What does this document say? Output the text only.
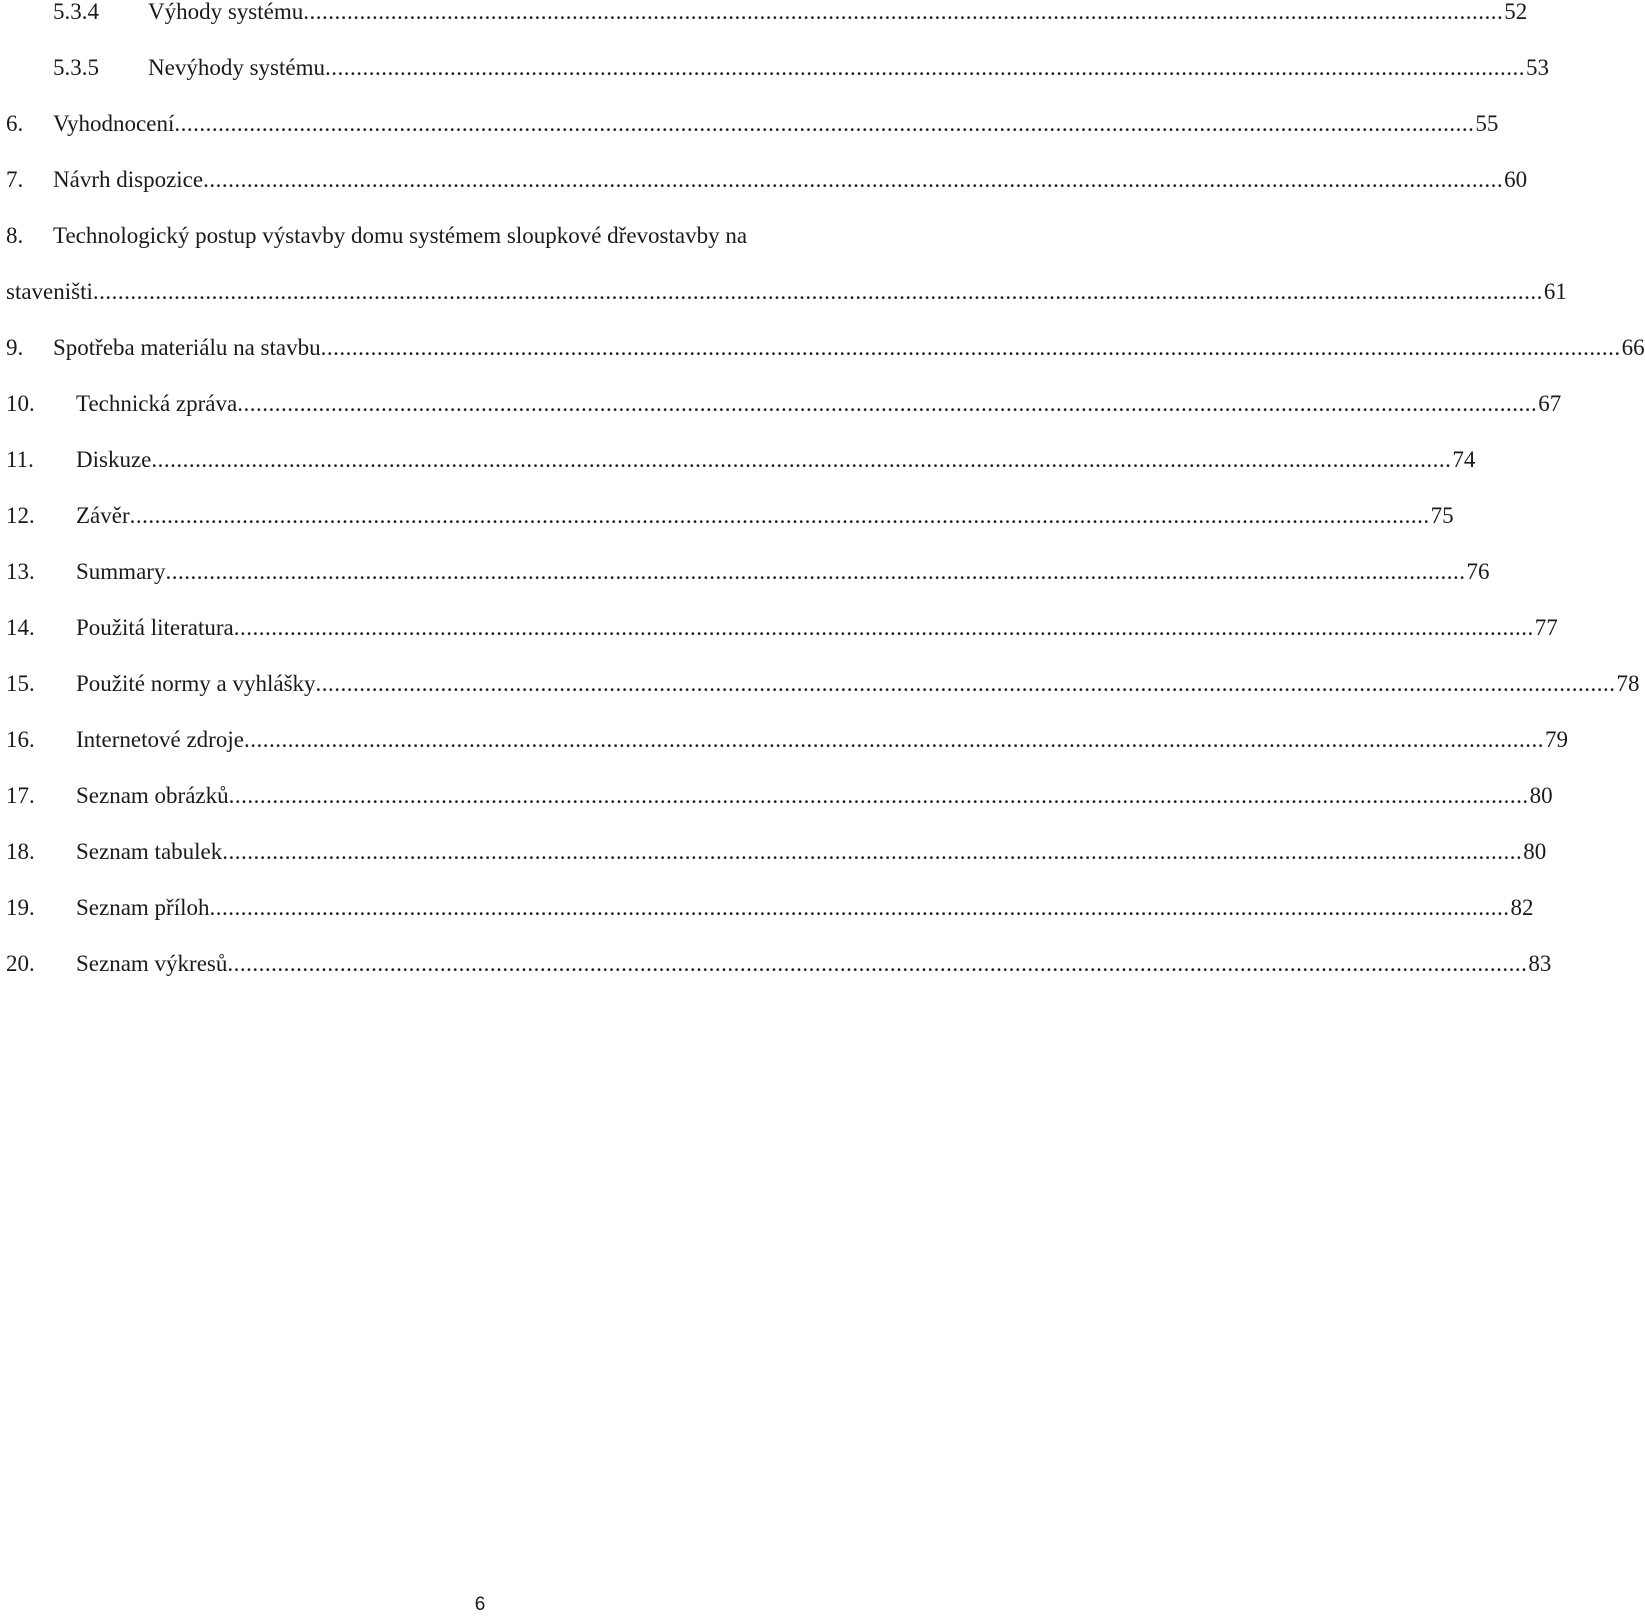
5.3.4 Výhody systému ................................................................................................................................................................................................ 52
5.3.5 Nevýhody systému ................................................................................................................................................................................................ 53
6. Vyhodnocení ................................................................................................................................................................................................................ 55
7. Návrh dispozice ................................................................................................................................................................................................................ 60
8. Technologický postup výstavby domu systémem sloupkové dřevostavby na
staveništi ........................................................................................................................................................................................................................................ 61
9. Spotřeba materiálu na stavbu ................................................................................................................................................................................................................ 66
10. Technická zpráva ................................................................................................................................................................................................................ 67
11. Diskuze ................................................................................................................................................................................................................ 74
12. Závěr ................................................................................................................................................................................................................ 75
13. Summary ................................................................................................................................................................................................................ 76
14. Použitá literatura ................................................................................................................................................................................................................ 77
15. Použité normy a vyhlášky ................................................................................................................................................................................................................ 78
16. Internetové zdroje ................................................................................................................................................................................................................ 79
17. Seznam obrázků ................................................................................................................................................................................................................ 80
18. Seznam tabulek ................................................................................................................................................................................................................ 80
19. Seznam příloh ................................................................................................................................................................................................................ 82
20. Seznam výkresů ................................................................................................................................................................................................................ 83
6
